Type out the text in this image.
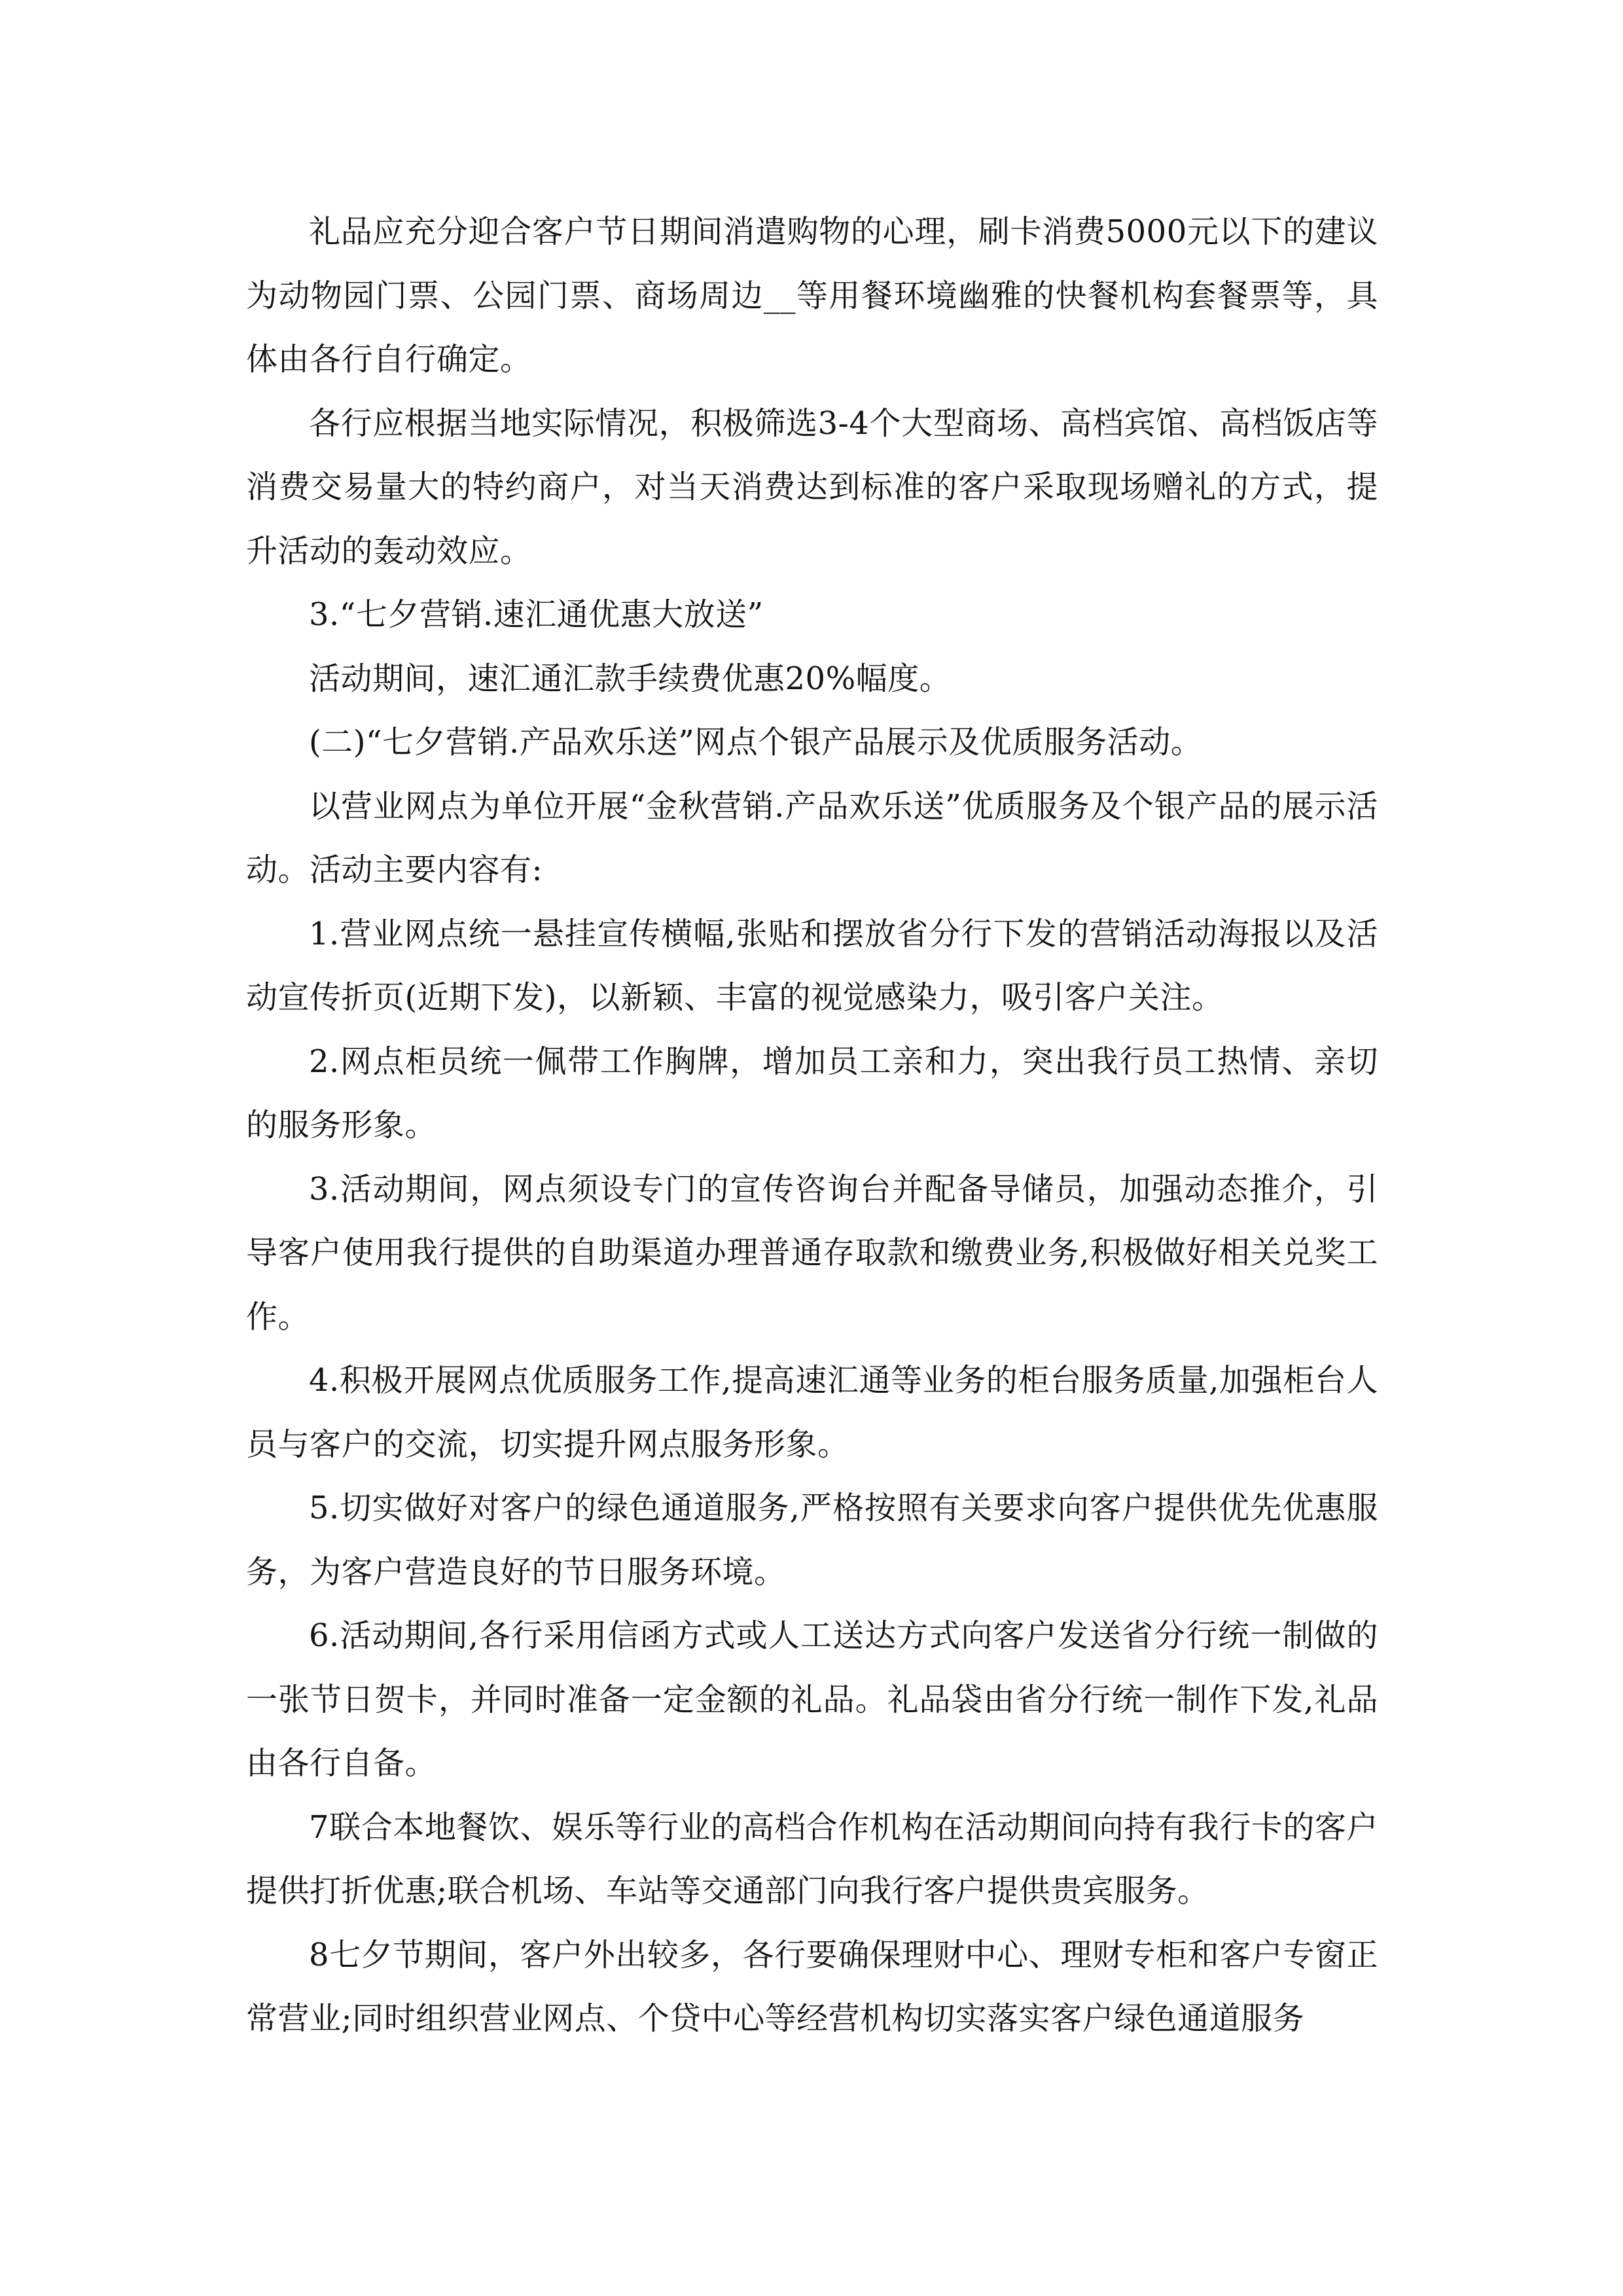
礼品应充分迎合客户节日期间消遣购物的心理，刷卡消费5000元以下的建议为动物园门票、公园门票、商场周边__等用餐环境幽雅的快餐机构套餐票等，具体由各行自行确定。

各行应根据当地实际情况，积极筛选3-4个大型商场、高档宾馆、高档饭店等消费交易量大的特约商户，对当天消费达到标准的客户采取现场赠礼的方式，提升活动的轰动效应。

3.“七夕营销.速汇通优惠大放送”

活动期间，速汇通汇款手续费优惠20%幅度。

(二)“七夕营销.产品欢乐送”网点个银产品展示及优质服务活动。

以营业网点为单位开展“金秋营销.产品欢乐送”优质服务及个银产品的展示活动。活动主要内容有:

1.营业网点统一悬挂宣传横幅,张贴和摆放省分行下发的营销活动海报以及活动宣传折页(近期下发)，以新颖、丰富的视觉感染力，吸引客户关注。

2.网点柜员统一佩带工作胸牌，增加员工亲和力，突出我行员工热情、亲切的服务形象。

3.活动期间，网点须设专门的宣传咨询台并配备导储员，加强动态推介，引导客户使用我行提供的自助渠道办理普通存取款和缴费业务,积极做好相关兑奖工作。

4.积极开展网点优质服务工作,提高速汇通等业务的柜台服务质量,加强柜台人员与客户的交流，切实提升网点服务形象。

5.切实做好对客户的绿色通道服务,严格按照有关要求向客户提供优先优惠服务，为客户营造良好的节日服务环境。

6.活动期间,各行采用信函方式或人工送达方式向客户发送省分行统一制做的一张节日贺卡，并同时准备一定金额的礼品。礼品袋由省分行统一制作下发,礼品由各行自备。

7联合本地餐饮、娱乐等行业的高档合作机构在活动期间向持有我行卡的客户提供打折优惠;联合机场、车站等交通部门向我行客户提供贵宾服务。

8七夕节期间，客户外出较多，各行要确保理财中心、理财专柜和客户专窗正常营业;同时组织营业网点、个贷中心等经营机构切实落实客户绿色通道服务
